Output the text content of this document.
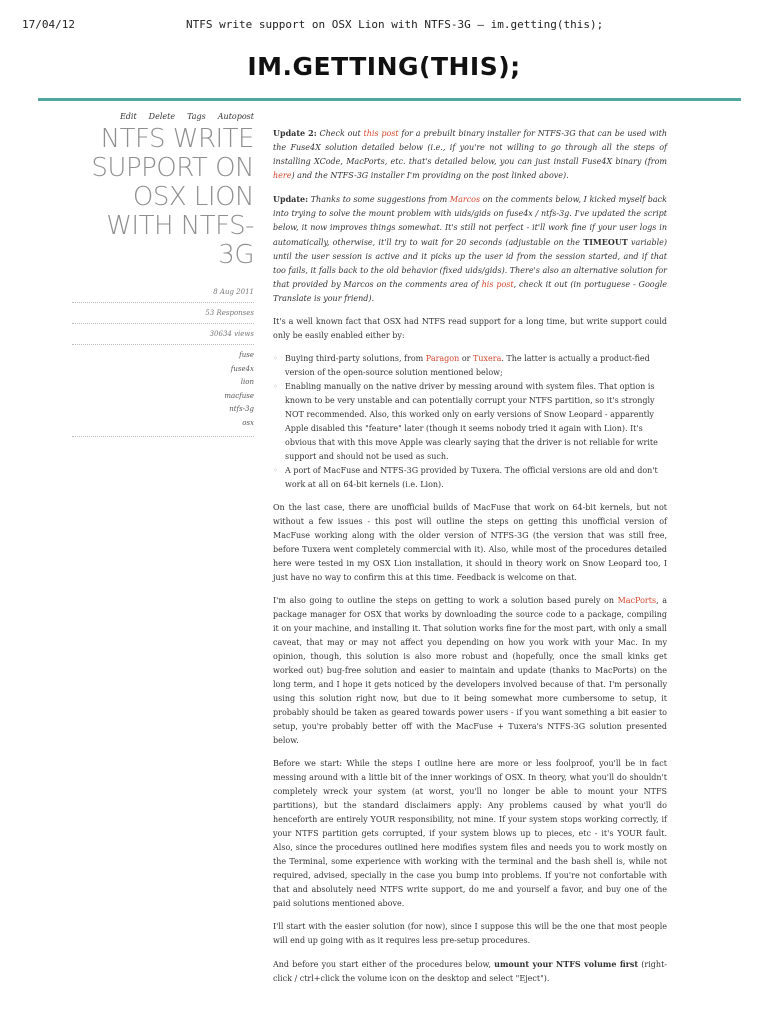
17/04/12	NTFS write support on OSX Lion with NTFS-3G – im.getting(this);
IM.GETTING(THIS);
Edit Delete Tags Autopost
NTFS WRITE SUPPORT ON OSX LION WITH NTFS-3G
8 Aug 2011
53 Responses
30634 views
fuse
fuse4x
lion
macfuse
ntfs-3g
osx

Update 2: Check out this post for a prebuilt binary installer for NTFS-3G that can be used with the Fuse4X solution detailed below (i.e., if you're not willing to go through all the steps of installing XCode, MacPorts, etc. that's detailed below, you can just install Fuse4X binary (from here) and the NTFS-3G installer I'm providing on the post linked above).

Update: Thanks to some suggestions from Marcos on the comments below, I kicked myself back into trying to solve the mount problem with uids/gids on fuse4x / ntfs-3g. I've updated the script below, it now improves things somewhat. It's still not perfect - it'll work fine if your user logs in automatically, otherwise, it'll try to wait for 20 seconds (adjustable on the TIMEOUT variable) until the user session is active and it picks up the user id from the session started, and if that too fails, it falls back to the old behavior (fixed uids/gids). There's also an alternative solution for that provided by Marcos on the comments area of his post, check it out (in portuguese - Google Translate is your friend).

It's a well known fact that OSX had NTFS read support for a long time, but write support could only be easily enabled either by:

◦ Buying third-party solutions, from Paragon or Tuxera. The latter is actually a product-fied version of the open-source solution mentioned below;
◦ Enabling manually on the native driver by messing around with system files. That option is known to be very unstable and can potentially corrupt your NTFS partition, so it's strongly NOT recommended. Also, this worked only on early versions of Snow Leopard - apparently Apple disabled this "feature" later (though it seems nobody tried it again with Lion). It's obvious that with this move Apple was clearly saying that the driver is not reliable for write support and should not be used as such.
◦ A port of MacFuse and NTFS-3G provided by Tuxera. The official versions are old and don't work at all on 64-bit kernels (i.e. Lion).

On the last case, there are unofficial builds of MacFuse that work on 64-bit kernels, but not without a few issues - this post will outline the steps on getting this unofficial version of MacFuse working along with the older version of NTFS-3G (the version that was still free, before Tuxera went completely commercial with it). Also, while most of the procedures detailed here were tested in my OSX Lion installation, it should in theory work on Snow Leopard too, I just have no way to confirm this at this time. Feedback is welcome on that.

I'm also going to outline the steps on getting to work a solution based purely on MacPorts, a package manager for OSX that works by downloading the source code to a package, compiling it on your machine, and installing it. That solution works fine for the most part, with only a small caveat, that may or may not affect you depending on how you work with your Mac. In my opinion, though, this solution is also more robust and (hopefully, once the small kinks get worked out) bug-free solution and easier to maintain and update (thanks to MacPorts) on the long term, and I hope it gets noticed by the developers involved because of that. I'm personally using this solution right now, but due to it being somewhat more cumbersome to setup, it probably should be taken as geared towards power users - if you want something a bit easier to setup, you're probably better off with the MacFuse + Tuxera's NTFS-3G solution presented below.

Before we start: While the steps I outline here are more or less foolproof, you'll be in fact messing around with a little bit of the inner workings of OSX. In theory, what you'll do shouldn't completely wreck your system (at worst, you'll no longer be able to mount your NTFS partitions), but the standard disclaimers apply: Any problems caused by what you'll do henceforth are entirely YOUR responsibility, not mine. If your system stops working correctly, if your NTFS partition gets corrupted, if your system blows up to pieces, etc - it's YOUR fault. Also, since the procedures outlined here modifies system files and needs you to work mostly on the Terminal, some experience with working with the terminal and the bash shell is, while not required, advised, specially in the case you bump into problems. If you're not confortable with that and absolutely need NTFS write support, do me and yourself a favor, and buy one of the paid solutions mentioned above.

I'll start with the easier solution (for now), since I suppose this will be the one that most people will end up going with as it requires less pre-setup procedures.

And before you start either of the procedures below, umount your NTFS volume first (right-click / ctrl+click the volume icon on the desktop and select "Eject").
